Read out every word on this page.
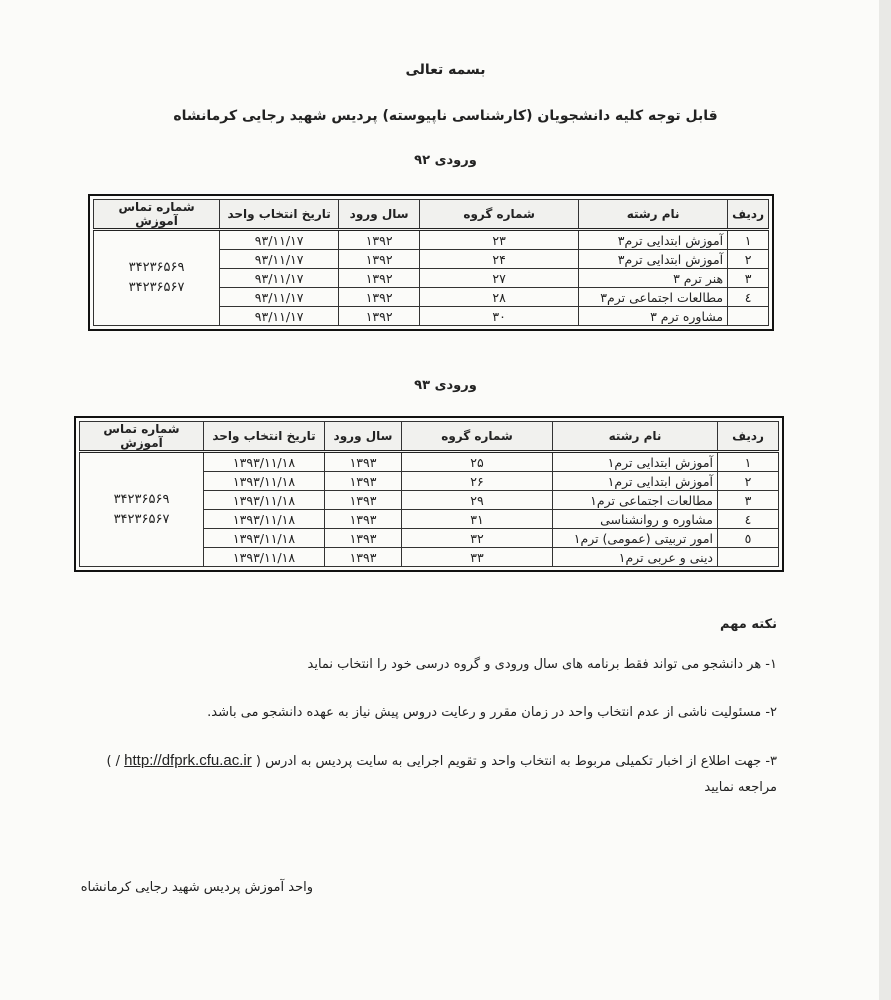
بسمه تعالی
قابل توجه کلیه دانشجویان (کارشناسی ناپیوسته) پردیس شهید رجایی کرمانشاه
ورودی ۹۲
ردیف	نام رشته	شماره گروه	سال ورود	تاریخ انتخاب واحد	شماره تماس آموزش
۱	آموزش ابتدایی ترم۳	۲۳	۱۳۹۲	۹۳/۱۱/۱۷	۳۴۲۳۶۵۶۹
۳۴۲۳۶۵۶۷

۲	آموزش ابتدایی ترم۳	۲۴	۱۳۹۲	۹۳/۱۱/۱۷	
۳	هنر ترم ۳	۲۷	۱۳۹۲	۹۳/۱۱/۱۷	
٤	مطالعات اجتماعی ترم۳	۲۸	۱۳۹۲	۹۳/۱۱/۱۷	
	مشاوره ترم ۳	۳۰	۱۳۹۲	۹۳/۱۱/۱۷	
ورودی ۹۳
ردیف	نام رشته	شماره گروه	سال ورود	تاریخ انتخاب واحد	شماره تماس آموزش
۱	آموزش ابتدایی ترم۱	۲۵	۱۳۹۳	۱۳۹۳/۱۱/۱۸	۳۴۲۳۶۵۶۹
۳۴۲۳۶۵۶۷

۲	آموزش ابتدایی ترم۱	۲۶	۱۳۹۳	۱۳۹۳/۱۱/۱۸	
۳	مطالعات اجتماعی ترم۱	۲۹	۱۳۹۳	۱۳۹۳/۱۱/۱۸	
٤	مشاوره و روانشناسی	۳۱	۱۳۹۳	۱۳۹۳/۱۱/۱۸	
٥	امور تربیتی (عمومی) ترم۱	۳۲	۱۳۹۳	۱۳۹۳/۱۱/۱۸	
	دینی و عربی ترم۱	۳۳	۱۳۹۳	۱۳۹۳/۱۱/۱۸	
نکته مهم

۱- هر دانشجو می تواند فقط برنامه های سال ورودی و گروه درسی خود را انتخاب نماید

۲- مسئولیت ناشی از عدم انتخاب واحد در زمان مقرر و رعایت دروس پیش نیاز به عهده دانشجو می باشد.

۳- جهت اطلاع از اخبار تکمیلی مربوط به انتخاب واحد و تقویم اجرایی به سایت پردیس به ادرس ( http://dfprk.cfu.ac.ir / )

مراجعه نمایید

واحد آموزش پردیس شهید رجایی کرمانشاه
